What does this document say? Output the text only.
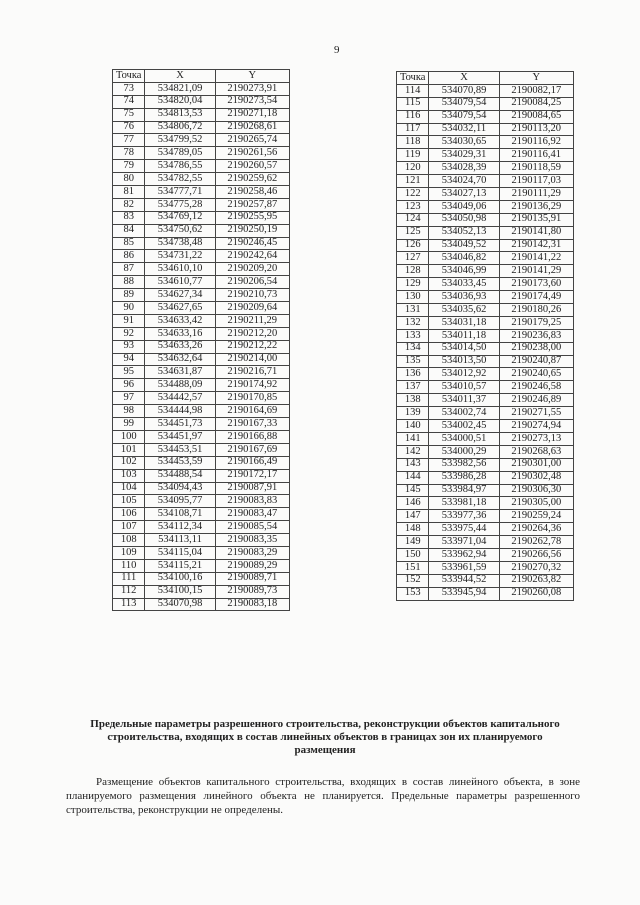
9
Точка	X	Y
73	534821,09	2190273,91
74	534820,04	2190273,54
75	534813,53	2190271,18
76	534806,72	2190268,61
77	534799,52	2190265,74
78	534789,05	2190261,56
79	534786,55	2190260,57
80	534782,55	2190259,62
81	534777,71	2190258,46
82	534775,28	2190257,87
83	534769,12	2190255,95
84	534750,62	2190250,19
85	534738,48	2190246,45
86	534731,22	2190242,64
87	534610,10	2190209,20
88	534610,77	2190206,54
89	534627,34	2190210,73
90	534627,65	2190209,64
91	534633,42	2190211,29
92	534633,16	2190212,20
93	534633,26	2190212,22
94	534632,64	2190214,00
95	534631,87	2190216,71
96	534488,09	2190174,92
97	534442,57	2190170,85
98	534444,98	2190164,69
99	534451,73	2190167,33
100	534451,97	2190166,88
101	534453,51	2190167,69
102	534453,59	2190166,49
103	534488,54	2190172,17
104	534094,43	2190087,91
105	534095,77	2190083,83
106	534108,71	2190083,47
107	534112,34	2190085,54
108	534113,11	2190083,35
109	534115,04	2190083,29
110	534115,21	2190089,29
111	534100,16	2190089,71
112	534100,15	2190089,73
113	534070,98	2190083,18
Точка	X	Y
114	534070,89	2190082,17
115	534079,54	2190084,25
116	534079,54	2190084,65
117	534032,11	2190113,20
118	534030,65	2190116,92
119	534029,31	2190116,41
120	534028,39	2190118,59
121	534024,70	2190117,03
122	534027,13	2190111,29
123	534049,06	2190136,29
124	534050,98	2190135,91
125	534052,13	2190141,80
126	534049,52	2190142,31
127	534046,82	2190141,22
128	534046,99	2190141,29
129	534033,45	2190173,60
130	534036,93	2190174,49
131	534035,62	2190180,26
132	534031,18	2190179,25
133	534011,18	2190236,83
134	534014,50	2190238,00
135	534013,50	2190240,87
136	534012,92	2190240,65
137	534010,57	2190246,58
138	534011,37	2190246,89
139	534002,74	2190271,55
140	534002,45	2190274,94
141	534000,51	2190273,13
142	534000,29	2190268,63
143	533982,56	2190301,00
144	533986,28	2190302,48
145	533984,97	2190306,30
146	533981,18	2190305,00
147	533977,36	2190259,24
148	533975,44	2190264,36
149	533971,04	2190262,78
150	533962,94	2190266,56
151	533961,59	2190270,32
152	533944,52	2190263,82
153	533945,94	2190260,08
Предельные параметры разрешенного строительства, реконструкции объектов капитального строительства, входящих в состав линейных объектов в границах зон их планируемого размещения
Размещение объектов капитального строительства, входящих в состав линейного объекта, в зоне планируемого размещения линейного объекта не планируется. Предельные параметры разрешенного строительства, реконструкции не определены.
